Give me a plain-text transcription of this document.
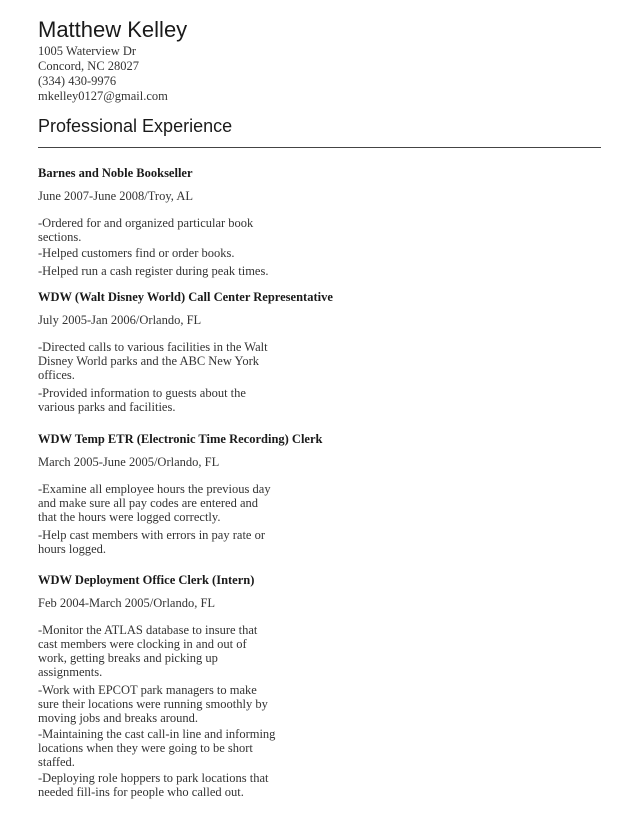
Matthew Kelley
1005 Waterview Dr
Concord, NC 28027
(334) 430-9976
mkelley0127@gmail.com
Professional Experience
Barnes and Noble Bookseller
June 2007-June 2008/Troy, AL
-Ordered for and organized particular book sections.
-Helped customers find or order books.
-Helped run a cash register during peak times.
WDW (Walt Disney World) Call Center Representative
July 2005-Jan 2006/Orlando, FL
-Directed calls to various facilities in the Walt Disney World parks and the ABC New York offices.
-Provided information to guests about the various parks and facilities.
WDW Temp ETR (Electronic Time Recording) Clerk
March 2005-June 2005/Orlando, FL
-Examine all employee hours the previous day and make sure all pay codes are entered and that the hours were logged correctly.
-Help cast members with errors in pay rate or hours logged.
WDW Deployment Office Clerk (Intern)
Feb 2004-March 2005/Orlando, FL
-Monitor the ATLAS database to insure that cast members were clocking in and out of work, getting breaks and picking up assignments.
-Work with EPCOT park managers to make sure their locations were running smoothly by moving jobs and breaks around.
-Maintaining the cast call-in line and informing locations when they were going to be short staffed.
-Deploying role hoppers to park locations that needed fill-ins for people who called out.
